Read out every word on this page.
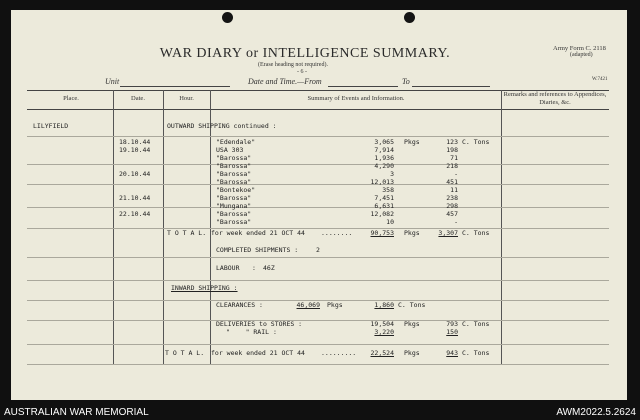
WAR DIARY or INTELLIGENCE SUMMARY.
(Erase heading not required).
- 6 -
Army Form C. 2118
(adapted)
W.7421
Unit	Date and Time.—From	To
Place.	Date.	Hour.	Summary of Events and Information.
Remarks and references to Appendices, Diaries, &c.
LILYFIELD	OUTWARD SHIPPING continued :
18.10.44	"Edendale"	3,065 Pkgs	123 C. Tons
19.10.44	USA 303	7,914	198
"Barossa"	1,936	71
"Barossa"	4,290	218
20.10.44	"Barossa"	3	-
"Barossa"	12,013	451
"Bontekoe"	358	11
21.10.44	"Barossa"	7,451	238
"Mungana"	6,631	298
22.10.44	"Barossa"	12,082	457
"Barossa"	10	-
T O T A L. for week ended 21 OCT 44 ........	90,753 Pkgs	3,307 C. Tons
COMPLETED SHIPMENTS :	2
LABOUR : 46Z
INWARD SHIPPING :
CLEARANCES :	46,069 Pkgs	1,860 C. Tons
DELIVERIES to STORES :	19,504 Pkgs	793 C. Tons
"    " RAIL :	3,220	150
T O T A L. for week ended 21 OCT 44 .........	22,524 Pkgs	943 C. Tons
AUSTRALIAN WAR MEMORIAL	AWM2022.5.2624
